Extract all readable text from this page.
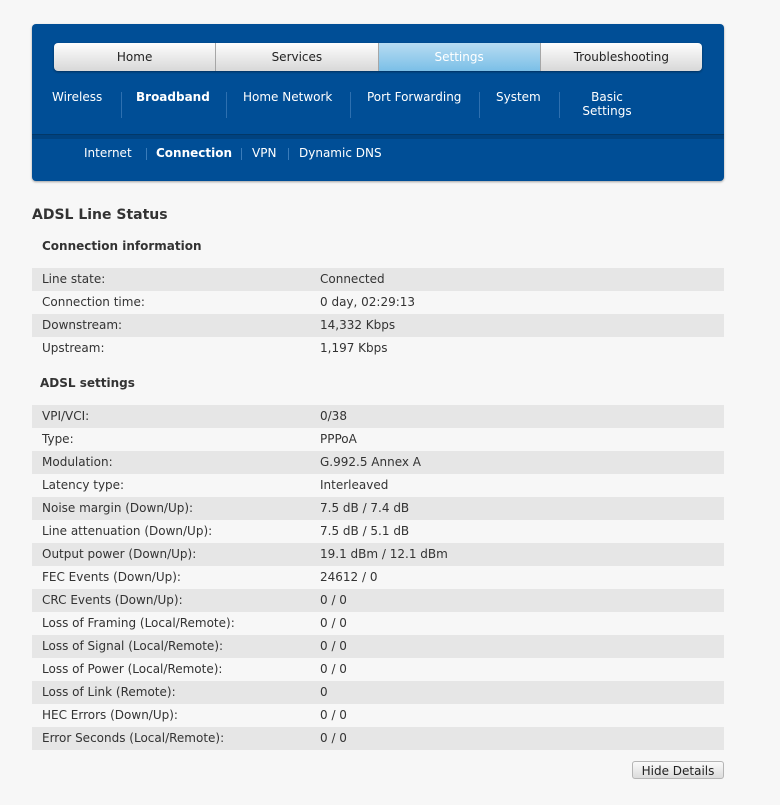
Home	Services	Settings	Troubleshooting
Wireless	Broadband	Home Network	Port Forwarding	System	Basic
Settings
Internet Connection VPN Dynamic DNS
ADSL Line Status
Connection information
Line state:	Connected
Connection time:	0 day, 02:29:13
Downstream:	14,332 Kbps
Upstream:	1,197 Kbps
ADSL settings
VPI/VCI:	0/38
Type:	PPPoA
Modulation:	G.992.5 Annex A
Latency type:	Interleaved
Noise margin (Down/Up):	7.5 dB / 7.4 dB
Line attenuation (Down/Up):	7.5 dB / 5.1 dB
Output power (Down/Up):	19.1 dBm / 12.1 dBm
FEC Events (Down/Up):	24612 / 0
CRC Events (Down/Up):	0 / 0
Loss of Framing (Local/Remote):	0 / 0
Loss of Signal (Local/Remote):	0 / 0
Loss of Power (Local/Remote):	0 / 0
Loss of Link (Remote):	0
HEC Errors (Down/Up):	0 / 0
Error Seconds (Local/Remote):	0 / 0
Hide Details
